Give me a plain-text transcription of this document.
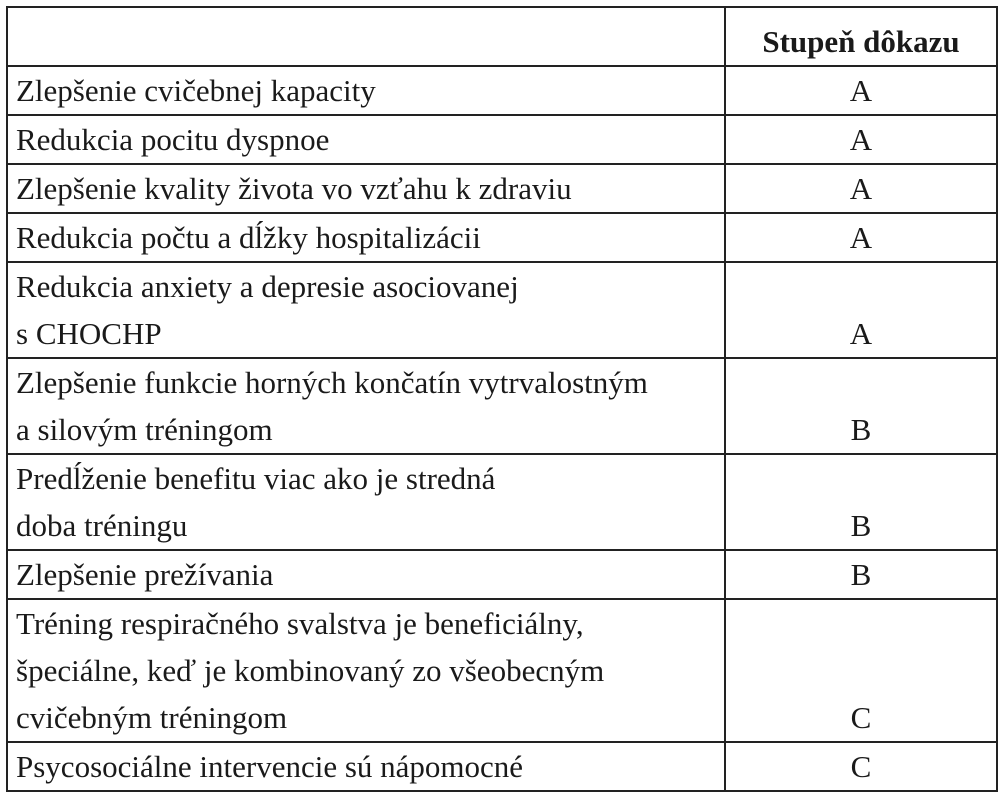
	Stupeň dôkazu

Zlepšenie cvičebnej kapacity	A

Redukcia pocitu dyspnoe	A

Zlepšenie kvality života vo vzťahu k zdraviu	A

Redukcia počtu a dĺžky hospitalizácii	A

Redukcia anxiety a depresie asociovanej
s CHOCHP	A

Zlepšenie funkcie horných končatín vytrvalostným
a silovým tréningom	B

Predĺženie benefitu viac ako je stredná
doba tréningu	B

Zlepšenie prežívania	B

Tréning respiračného svalstva je beneficiálny,
špeciálne, keď je kombinovaný zo všeobecným
cvičebným tréningom	C

Psycosociálne intervencie sú nápomocné	C
